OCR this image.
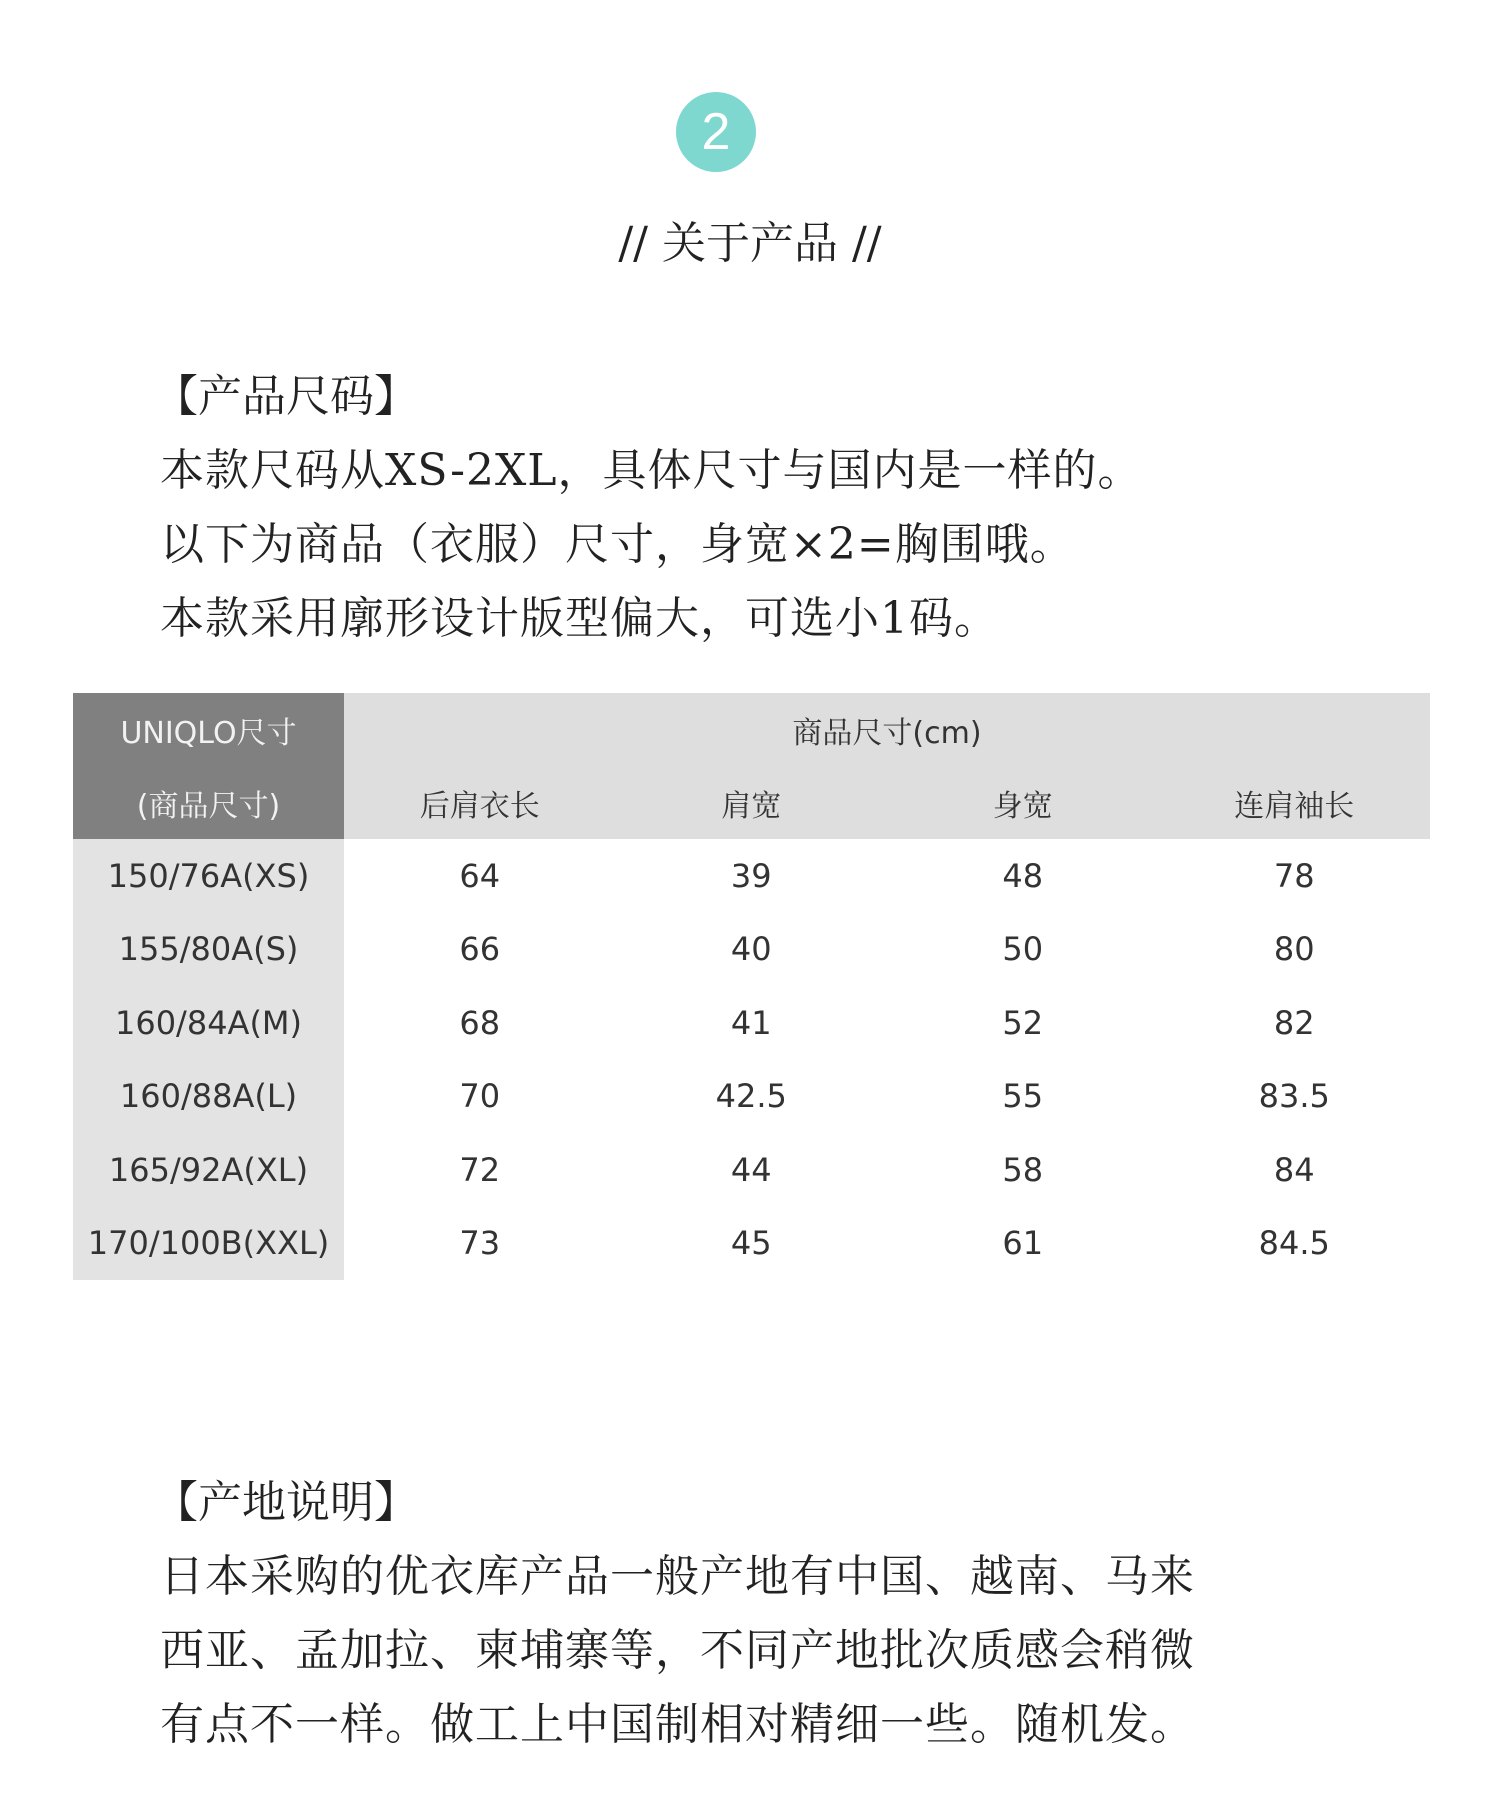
2
// 关于产品 //
【产品尺码】
本款尺码从XS-2XL，具体尺寸与国内是一样的。
以下为商品（衣服）尺寸，身宽×2=胸围哦。
本款采用廓形设计版型偏大，可选小1码。
UNIQLO尺寸	商品尺寸(cm)			
(商品尺寸)	后肩衣长	肩宽	身宽	连肩袖长
150/76A(XS)	64	39	48	78
155/80A(S)	66	40	50	80
160/84A(M)	68	41	52	82
160/88A(L)	70	42.5	55	83.5
165/92A(XL)	72	44	58	84
170/100B(XXL)	73	45	61	84.5
【产地说明】
日本采购的优衣库产品一般产地有中国、越南、马来
西亚、孟加拉、柬埔寨等，不同产地批次质感会稍微
有点不一样。做工上中国制相对精细一些。随机发。
